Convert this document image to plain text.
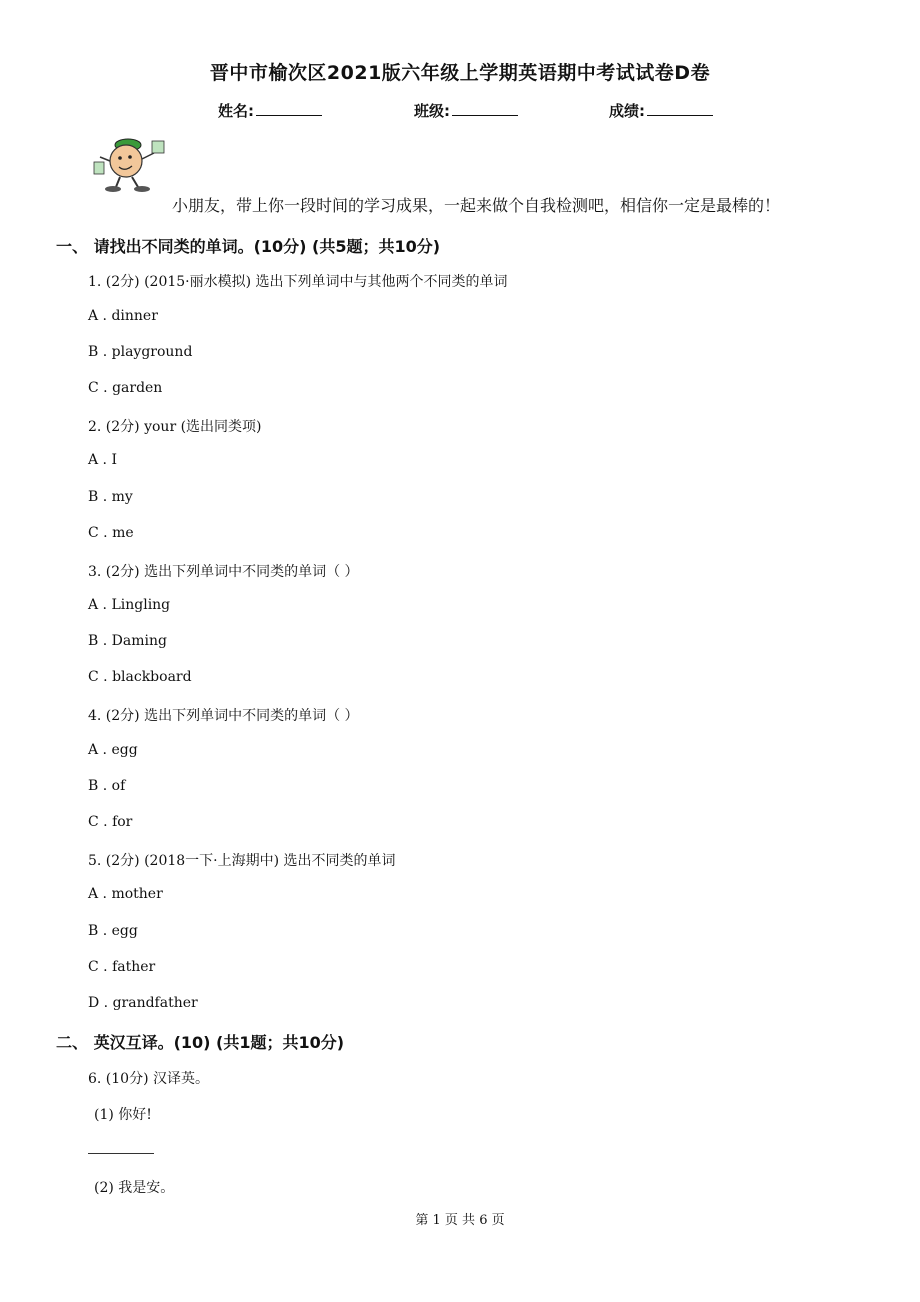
晋中市榆次区2021版六年级上学期英语期中考试试卷D卷
姓名:	班级:	成绩:
小朋友，带上你一段时间的学习成果，一起来做个自我检测吧，相信你一定是最棒的！
一、 请找出不同类的单词。(10分) (共5题；共10分)
1. (2分) (2015·丽水模拟) 选出下列单词中与其他两个不同类的单词
A . dinner
B . playground
C . garden
2. (2分) your (选出同类项)
A . I
B . my
C . me
3. (2分) 选出下列单词中不同类的单词（ ）
A . Lingling
B . Daming
C . blackboard
4. (2分) 选出下列单词中不同类的单词（ ）
A . egg
B . of
C . for
5. (2分) (2018一下·上海期中) 选出不同类的单词
A . mother
B . egg
C . father
D . grandfather
二、 英汉互译。(10) (共1题；共10分)
6. (10分) 汉译英。
(1) 你好!
(2) 我是安。
第 1 页 共 6 页
